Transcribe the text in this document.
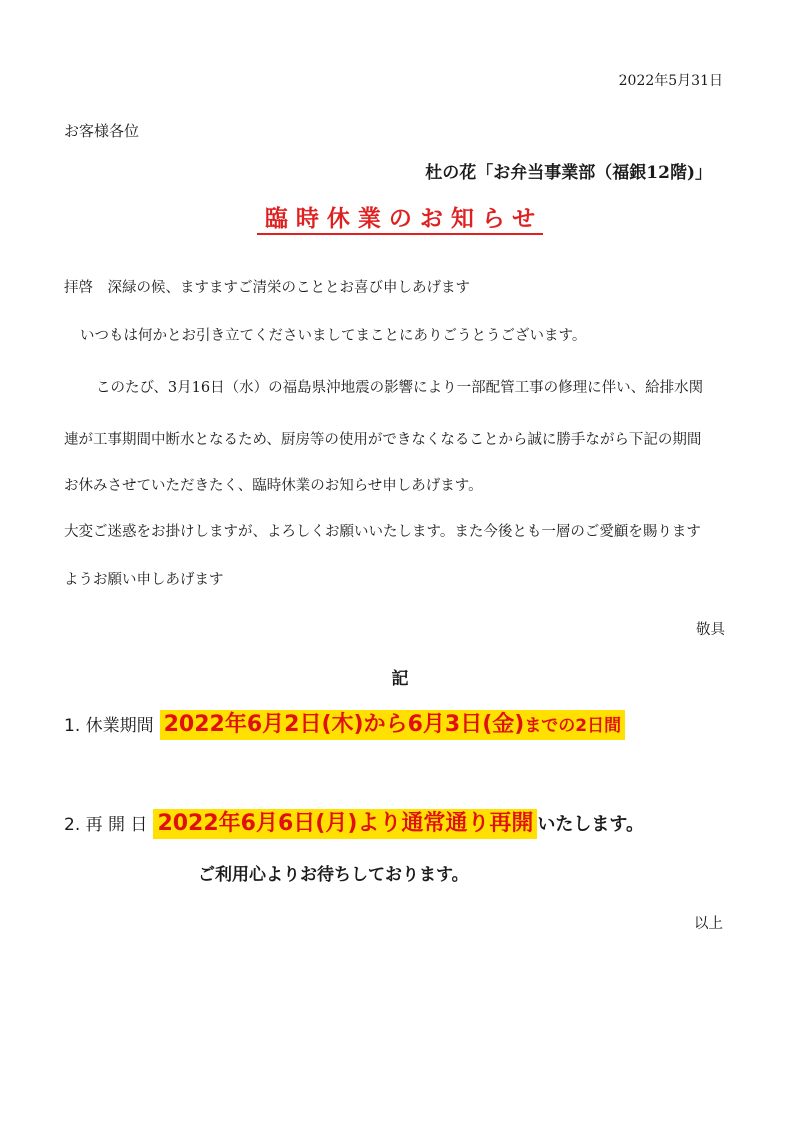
2022年5月31日
お客様各位
杜の花「お弁当事業部（福銀12階)」
臨時休業のお知らせ
拝啓　深緑の候、ますますご清栄のこととお喜び申しあげます
いつもは何かとお引き立てくださいましてまことにありごうとうございます。
このたび、3月16日（水）の福島県沖地震の影響により一部配管工事の修理に伴い、給排水関
連が工事期間中断水となるため、厨房等の使用ができなくなることから誠に勝手ながら下記の期間
お休みさせていただきたく、臨時休業のお知らせ申しあげます。
大変ご迷惑をお掛けしますが、よろしくお願いいたします。また今後とも一層のご愛顧を賜ります
ようお願い申しあげます
敬具
記
1. 休業期間 2022年6月2日(木)から6月3日(金)までの2日間
2. 再 開 日 2022年6月6日(月)より通常通り再開 いたします。
ご利用心よりお待ちしております。
以上
